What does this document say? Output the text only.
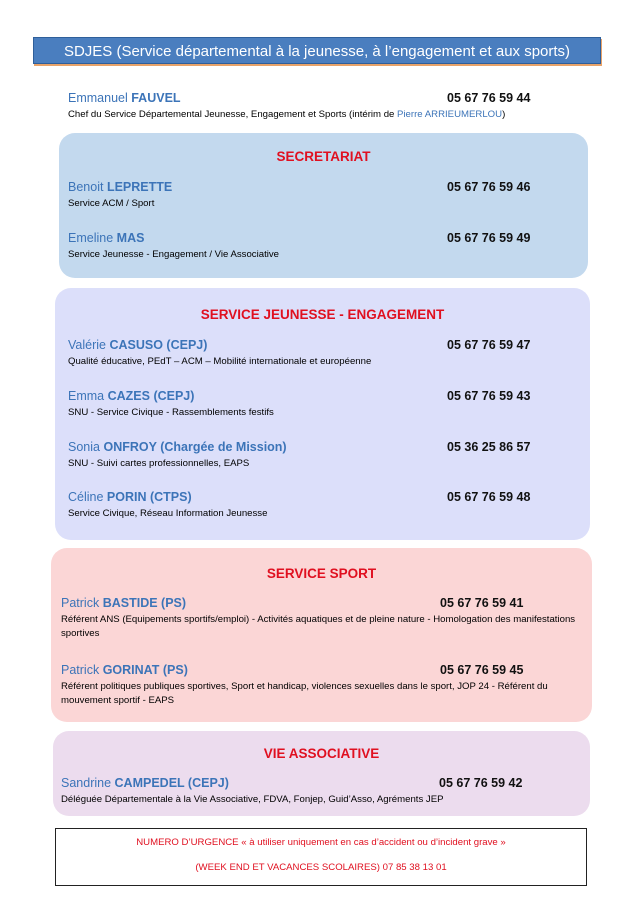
SDJES (Service départemental à la jeunesse, à l’engagement et aux sports)
Emmanuel FAUVEL
Chef du Service Départemental Jeunesse, Engagement et Sports (intérim de Pierre ARRIEUMERLOU)
05 67 76 59 44
SECRETARIAT
Benoit LEPRETTE
Service ACM / Sport
05 67 76 59 46
Emeline MAS
Service Jeunesse - Engagement / Vie Associative
05 67 76 59 49
SERVICE JEUNESSE - ENGAGEMENT
Valérie CASUSO (CEPJ)
Qualité éducative, PEdT – ACM – Mobilité internationale et européenne
05 67 76 59 47
Emma CAZES (CEPJ)
SNU - Service Civique - Rassemblements festifs
05 67 76 59 43
Sonia ONFROY (Chargée de Mission)
SNU - Suivi cartes professionnelles, EAPS
05 36 25 86 57
Céline PORIN (CTPS)
Service Civique, Réseau Information Jeunesse
05 67 76 59 48
SERVICE SPORT
Patrick BASTIDE (PS)
Référent ANS (Equipements sportifs/emploi) - Activités aquatiques et de pleine nature - Homologation des manifestations sportives
05 67 76 59 41
Patrick GORINAT (PS)
Référent politiques publiques sportives, Sport et handicap, violences sexuelles dans le sport, JOP 24 - Référent du mouvement sportif - EAPS
05 67 76 59 45
VIE ASSOCIATIVE
Sandrine CAMPEDEL (CEPJ)
Déléguée Départementale à la Vie Associative, FDVA, Fonjep, Guid’Asso, Agréments JEP
05 67 76 59 42
NUMERO D’URGENCE « à utiliser uniquement en cas d’accident ou d’incident grave »
(WEEK END ET VACANCES SCOLAIRES) 07 85 38 13 01
